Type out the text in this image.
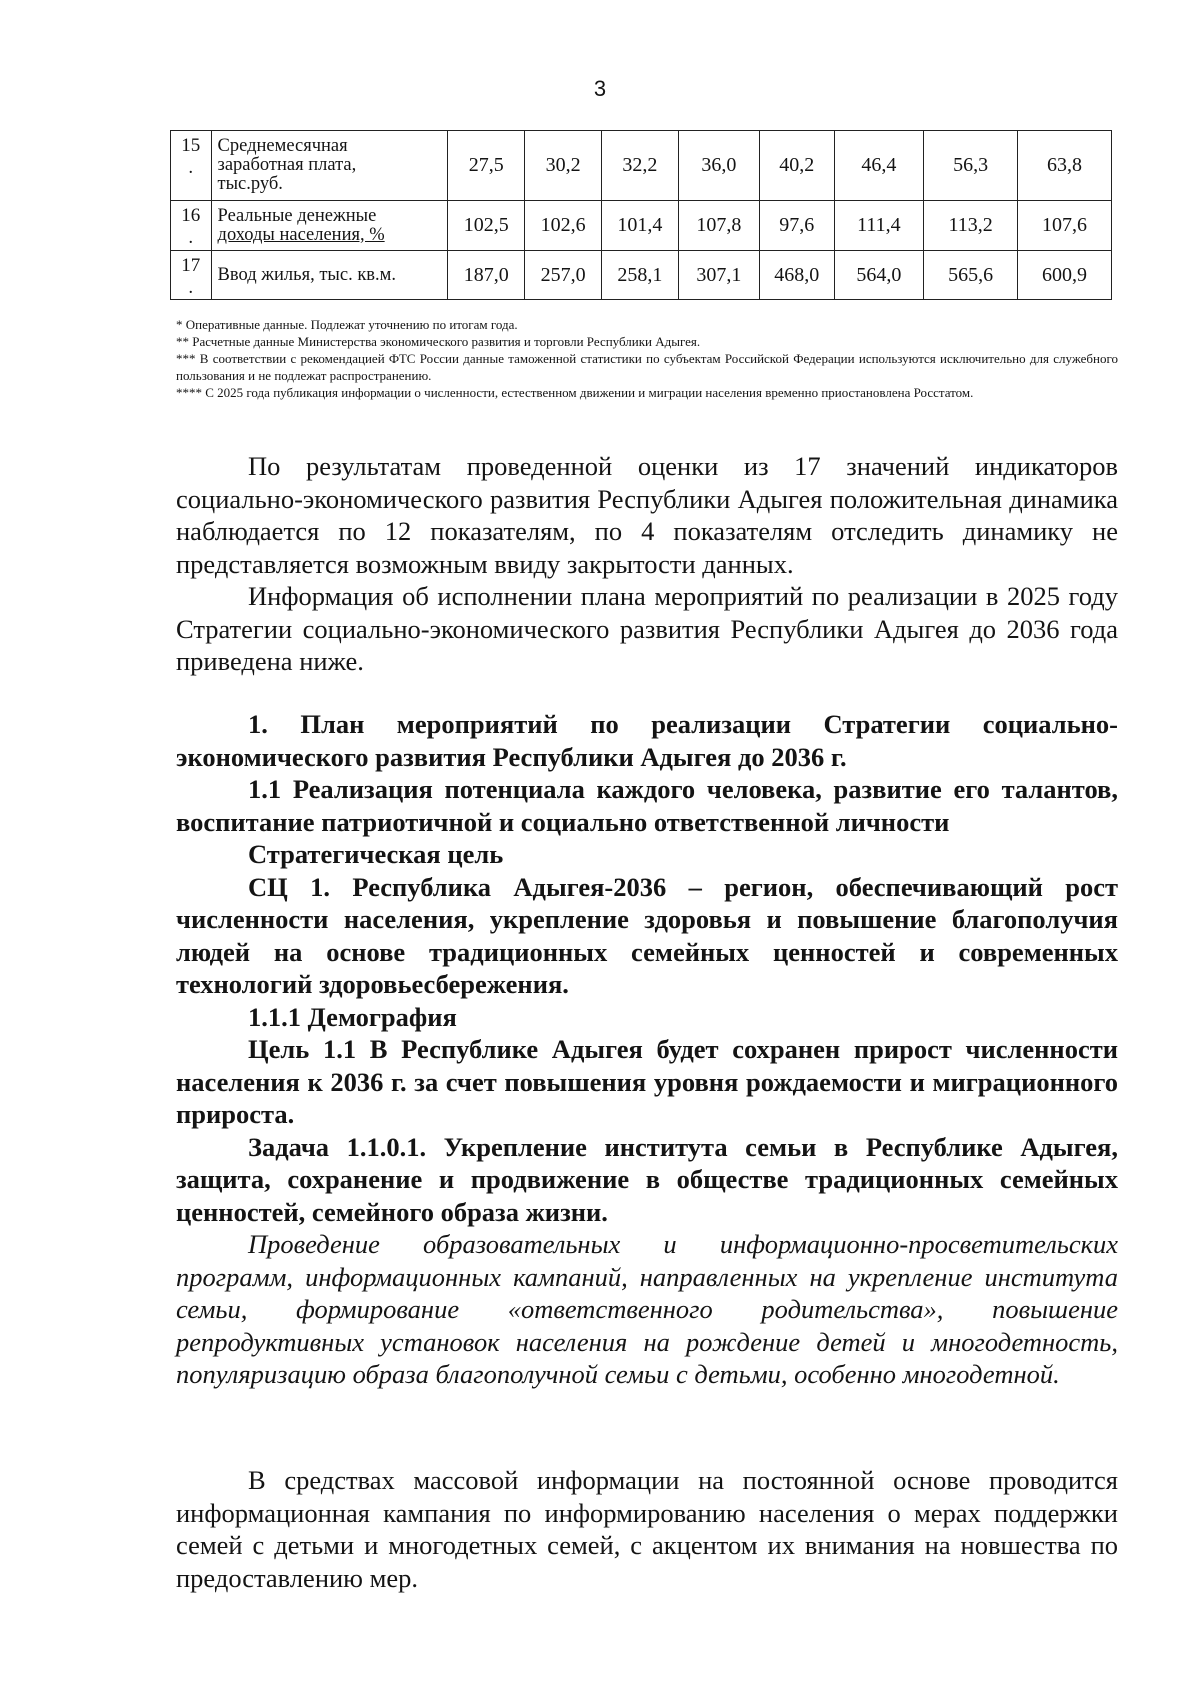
3
15
.	Среднемесячная
заработная плата,
тыс.руб.	27,5	30,2	32,2	36,0	40,2	46,4	56,3	63,8
16
.	Реальные денежные
доходы населения, %	102,5	102,6	101,4	107,8	97,6	111,4	113,2	107,6
17
.	Ввод жилья, тыс. кв.м.	187,0	257,0	258,1	307,1	468,0	564,0	565,6	600,9

* Оперативные данные. Подлежат уточнению по итогам года.

** Расчетные данные Министерства экономического развития и торговли Республики Адыгея.

*** В соответствии с рекомендацией ФТС России данные таможенной статистики по субъектам Российской Федерации используются исключительно для служебного пользования и не подлежат распространению.

**** С 2025 года публикация информации о численности, естественном движении и миграции населения временно приостановлена Росстатом.

По результатам проведенной оценки из 17 значений индикаторов социально-экономического развития Республики Адыгея положительная динамика наблюдается по 12 показателям, по 4 показателям отследить динамику не представляется возможным ввиду закрытости данных.

Информация об исполнении плана мероприятий по реализации в 2025 году Стратегии социально-экономического развития Республики Адыгея до 2036 года приведена ниже.

1. План мероприятий по реализации Стратегии социально-экономического развития Республики Адыгея до 2036 г.

1.1 Реализация потенциала каждого человека, развитие его талантов, воспитание патриотичной и социально ответственной личности

Стратегическая цель

СЦ 1. Республика Адыгея-2036 – регион, обеспечивающий рост численности населения, укрепление здоровья и повышение благополучия людей на основе традиционных семейных ценностей и современных технологий здоровьесбережения.

1.1.1 Демография

Цель 1.1 В Республике Адыгея будет сохранен прирост численности населения к 2036 г. за счет повышения уровня рождаемости и миграционного прироста.

Задача 1.1.0.1. Укрепление института семьи в Республике Адыгея, защита, сохранение и продвижение в обществе традиционных семейных ценностей, семейного образа жизни.

Проведение образовательных и информационно-просветительских программ, информационных кампаний, направленных на укрепление института семьи, формирование «ответственного родительства», повышение репродуктивных установок населения на рождение детей и многодетность, популяризацию образа благополучной семьи с детьми, особенно многодетной.

В средствах массовой информации на постоянной основе проводится информационная кампания по информированию населения о мерах поддержки семей с детьми и многодетных семей, с акцентом их внимания на новшества по предоставлению мер.
